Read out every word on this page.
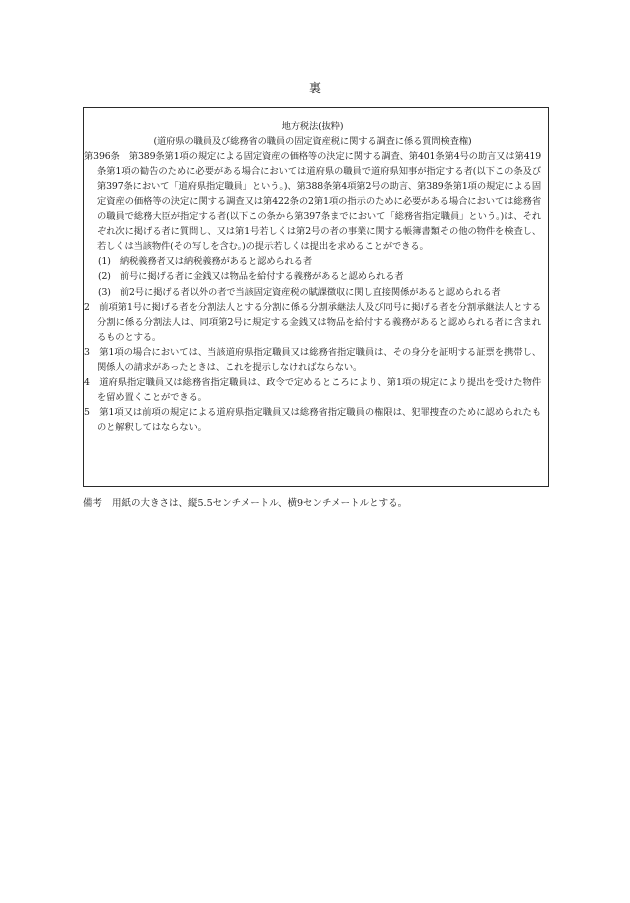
裏
地方税法(抜粋)
(道府県の職員及び総務省の職員の固定資産税に関する調査に係る質問検査権)

第396条　 第389条第1項の規定による固定資産の価格等の決定に関する調査、第401条第4号の助言又は第419条第1項の勧告のために必要がある場合においては道府県の職員で道府県知事が指定する者(以下この条及び第397条において「道府県指定職員」という。)、第388条第4項第2号の助言、第389条第1項の規定による固定資産の価格等の決定に関する調査又は第422条の2第1項の指示のために必要がある場合においては総務省の職員で総務大臣が指定する者(以下この条から第397条までにおいて「総務省指定職員」という。)は、それぞれ次に掲げる者に質問し、又は第1号若しくは第2号の者の事業に関する帳簿書類その他の物件を検査し、若しくは当該物件(その写しを含む。)の提示若しくは提出を求めることができる。

(1)　 納税義務者又は納税義務があると認められる者

(2)　 前号に掲げる者に金銭又は物品を給付する義務があると認められる者

(3)　 前2号に掲げる者以外の者で当該固定資産税の賦課徴収に関し直接関係があると認められる者

2　 前項第1号に掲げる者を分割法人とする分割に係る分割承継法人及び同号に掲げる者を分割承継法人とする分割に係る分割法人は、同項第2号に規定する金銭又は物品を給付する義務があると認められる者に含まれるものとする。

3　 第1項の場合においては、当該道府県指定職員又は総務省指定職員は、その身分を証明する証票を携帯し、関係人の請求があったときは、これを提示しなければならない。

4　 道府県指定職員又は総務省指定職員は、政令で定めるところにより、第1項の規定により提出を受けた物件を留め置くことができる。

5　 第1項又は前項の規定による道府県指定職員又は総務省指定職員の権限は、犯罪捜査のために認められたものと解釈してはならない。

備考 用紙の大きさは、縦5.5センチメートル、横9センチメートルとする。
